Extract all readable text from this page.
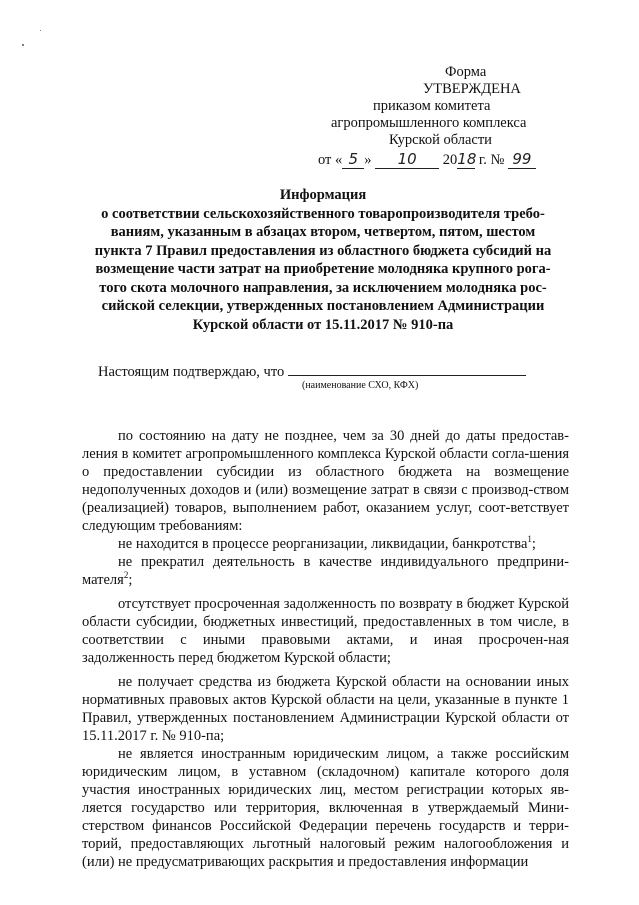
Форма
УТВЕРЖДЕНА
приказом комитета
агропромышленного комплекса
Курской области
от « 5 » 10 2018 г. № 99

Информация

о соответствии сельскохозяйственного товаропроизводителя требо-

ваниям, указанным в абзацах втором, четвертом, пятом, шестом

пункта 7 Правил предоставления из областного бюджета субсидий на

возмещение части затрат на приобретение молодняка крупного рога-

того скота молочного направления, за исключением молодняка рос-

сийской селекции, утвержденных постановлением Администрации

Курской области от 15.11.2017 № 910-па

Настоящим подтверждаю, что
(наименование СХО, КФХ)

по состоянию на дату не позднее, чем за 30 дней до даты предостав-ления в комитет агропромышленного комплекса Курской области согла-шения о предоставлении субсидии из областного бюджета на возмещение недополученных доходов и (или) возмещение затрат в связи с производ-ством (реализацией) товаров, выполнением работ, оказанием услуг, соот-ветствует следующим требованиям:

не находится в процессе реорганизации, ликвидации, банкротства$^1$;

не прекратил деятельность в качестве индивидуального предприни-мателя$^2$;

отсутствует просроченная задолженность по возврату в бюджет Курской области субсидии, бюджетных инвестиций, предоставленных в том числе, в соответствии с иными правовыми актами, и иная просрочен-ная задолженность перед бюджетом Курской области;

не получает средства из бюджета Курской области на основании иных нормативных правовых актов Курской области на цели, указанные в пункте 1 Правил, утвержденных постановлением Администрации Курской области от 15.11.2017 г. № 910-па;

не является иностранным юридическим лицом, а также российским юридическим лицом, в уставном (складочном) капитале которого доля участия иностранных юридических лиц, местом регистрации которых яв-ляется государство или территория, включенная в утверждаемый Мини-стерством финансов Российской Федерации перечень государств и терри-торий, предоставляющих льготный налоговый режим налогообложения и (или) не предусматривающих раскрытия и предоставления информации
